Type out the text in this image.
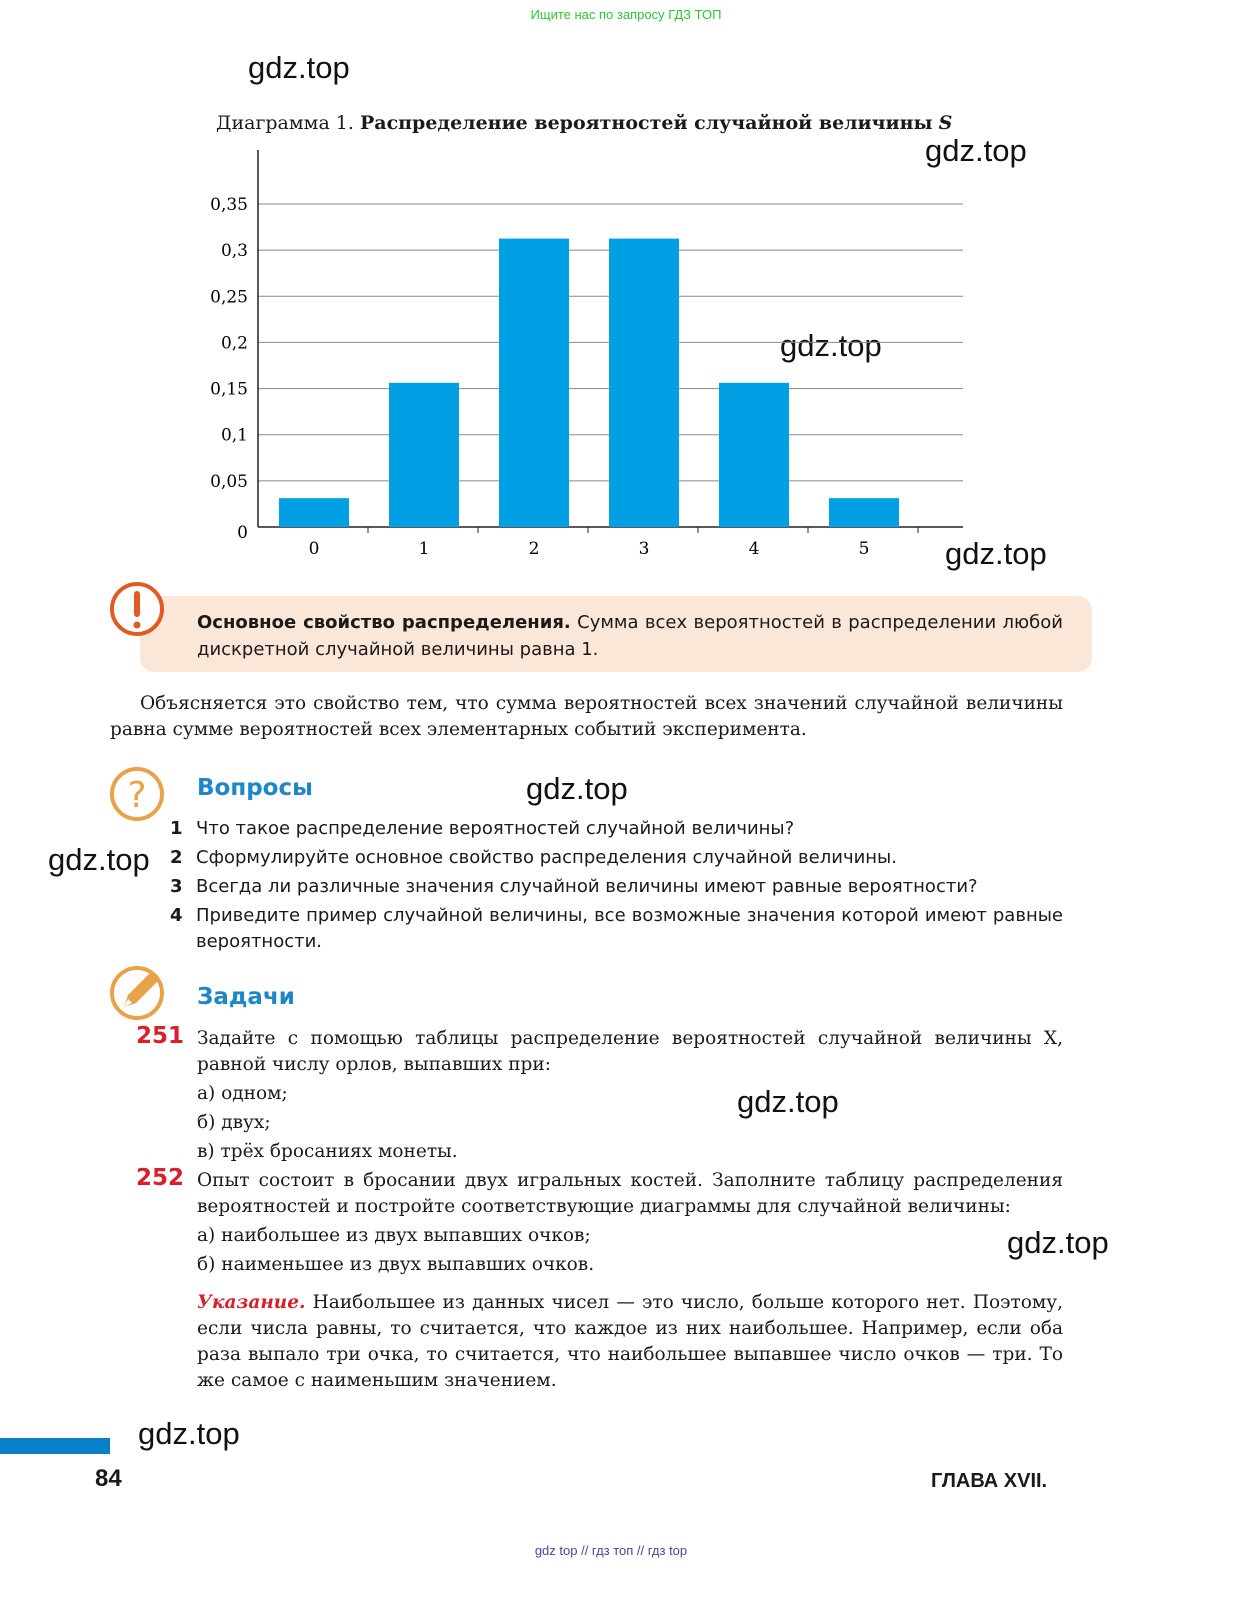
Ищите нас по запросу ГДЗ ТОП
gdz.top
gdz.top
gdz.top
gdz.top
gdz.top
gdz.top
gdz.top
gdz.top
gdz.top
Диаграмма 1. Распределение вероятностей случайной величины S
0
0,05
0,1
0,15
0,2
0,25
0,3
0,35
0	1	2	3	4	5
Основное свойство распределения. Сумма всех вероятностей в распределении любой дискретной случайной величины равна 1.
Объясняется это свойство тем, что сумма вероятностей всех значений случайной величины равна сумме вероятностей всех элементарных событий эксперимента.
? Вопросы
1 Что такое распределение вероятностей случайной величины?
2 Сформулируйте основное свойство распределения случайной величины.
3 Всегда ли различные значения случайной величины имеют равные вероятности?
4 Приведите пример случайной величины, все возможные значения которой имеют равные вероятности.
Задачи
251 Задайте с помощью таблицы распределение вероятностей случайной величины X, равной числу орлов, выпавших при:
а) одном;
б) двух;
в) трёх бросаниях монеты.
252 Опыт состоит в бросании двух игральных костей. Заполните таблицу распределения вероятностей и постройте соответствующие диаграммы для случайной величины:
а) наибольшее из двух выпавших очков;
б) наименьшее из двух выпавших очков.
Указание. Наибольшее из данных чисел — это число, больше которого нет. Поэтому, если числа равны, то считается, что каждое из них наибольшее. Например, если оба раза выпало три очка, то считается, что наибольшее выпавшее число очков — три. То же самое с наименьшим значением.
84	ГЛАВА XVII.
gdz top // гдз топ // гдз top
